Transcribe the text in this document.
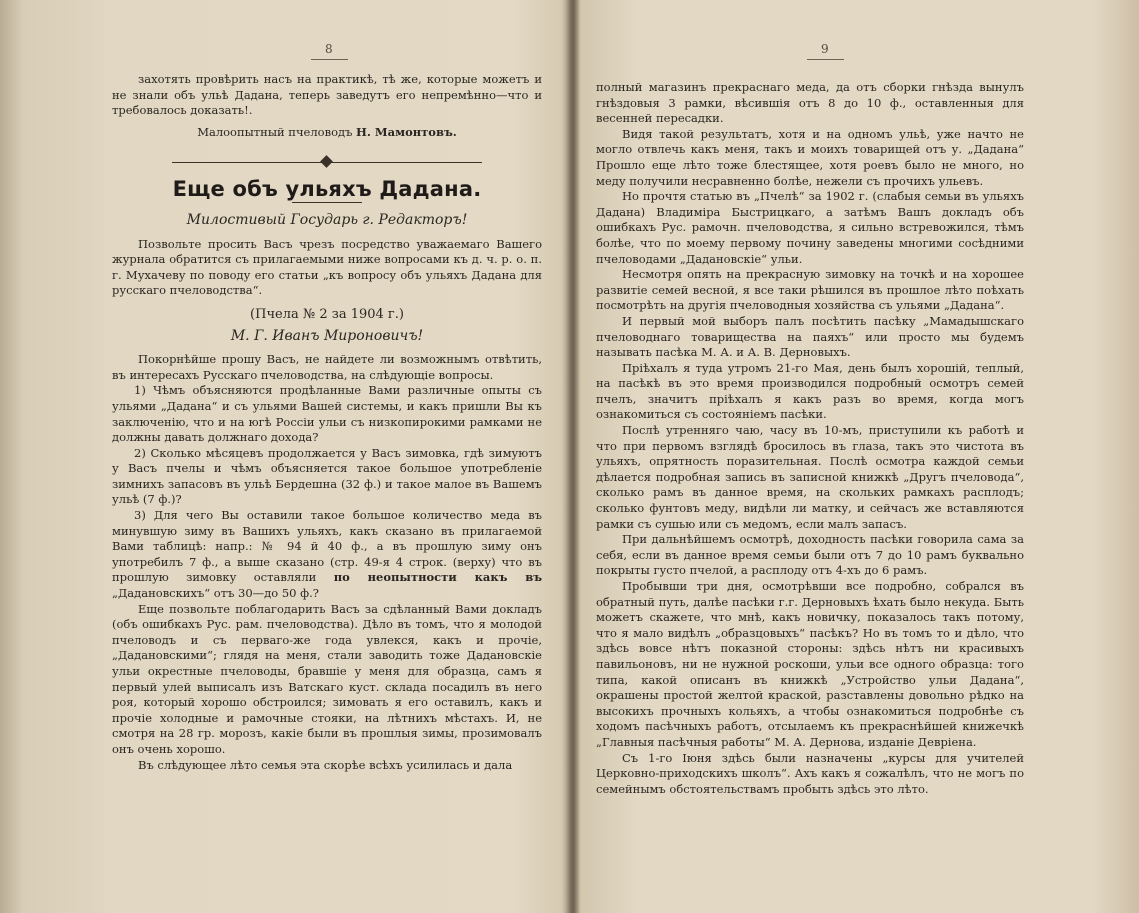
8

захотять провѣрить насъ на практикѣ, тѣ же, которые можетъ и не знали объ ульѣ Дадана, теперь заведутъ его непремѣнно—что и требовалось доказать!.

Малоопытный пчеловодъ Н. Мамонтовъ.

Еще объ ульяхъ Дадана.

Милостивый Государь г. Редакторъ!

Позвольте просить Васъ чрезъ посредство уважаемаго Вашего журнала обратится съ прилагаемыми ниже вопросами къ д. ч. р. о. п. г. Мухачеву по поводу его статьи „къ вопросу объ ульяхъ Дадана для русскаго пчеловодства“.

(Пчела № 2 за 1904 г.)

М. Г. Иванъ Мироновичъ!

Покорнѣйше прошу Васъ, не найдете ли возможнымъ отвѣтить, въ интересахъ Русскаго пчеловодства, на слѣдующіе вопросы.

1) Чѣмъ объясняются продѣланные Вами различные опыты съ ульями „Дадана“ и съ ульями Вашей системы, и какъ пришли Вы къ заключенію, что и на югѣ Россіи ульи съ низкопирокими рамками не должны давать должнаго дохода?

2) Сколько мѣсяцевъ продолжается у Васъ зимовка, гдѣ зимуютъ у Васъ пчелы и чѣмъ объясняется такое большое употребленіе зимнихъ запасовъ въ ульѣ Бердешна (32 ф.) и такое малое въ Вашемъ ульѣ (7 ф.)?

3) Для чего Вы оставили такое большое количество меда въ минувшую зиму въ Вашихъ ульяхъ, какъ сказано въ прилагаемой Вами таблицѣ: напр.: № 94 й 40 ф., а въ прошлую зиму онъ употребилъ 7 ф., а выше сказано (стр. 49-я 4 строк. (верху) что въ прошлую зимовку оставляли по неопытности какъ въ „Дадановскихъ“ отъ 30—до 50 ф.?

Еще позвольте поблагодарить Васъ за сдѣланный Вами докладъ (объ ошибкахъ Рус. рам. пчеловодства). Дѣло въ томъ, что я молодой пчеловодъ и съ перваго-же года увлекся, какъ и прочіе, „Дадановскими“; глядя на меня, стали заводить тоже Дадановскіе ульи окрестные пчеловоды, бравшіе у меня для образца, самъ я первый улей выписалъ изъ Ватскаго куст. склада посадилъ въ него роя, который хорошо обстроился; зимовать я его оставилъ, какъ и прочіе холодные и рамочные стояки, на лѣтнихъ мѣстахъ. И, не смотря на 28 гр. морозъ, какіе были въ прошлыя зимы, прозимовалъ онъ очень хорошо.

Въ слѣдующее лѣто семья эта скорѣе всѣхъ усилилась и дала

9

полный магазинъ прекраснаго меда, да отъ сборки гнѣзда вынулъ гнѣздовыя 3 рамки, вѣсившія отъ 8 до 10 ф., оставленныя для весенней пересадки.

Видя такой результатъ, хотя и на одномъ ульѣ, уже начто не могло отвлечь какъ меня, такъ и моихъ товарищей отъ у. „Дадана“ Прошло еще лѣто тоже блестящее, хотя роевъ было не много, но меду получили несравненно болѣе, нежели съ прочихъ ульевъ.

Но прочтя статью въ „Пчелѣ“ за 1902 г. (слабыя семьи въ ульяхъ Дадана) Владиміра Быстрицкаго, а затѣмъ Вашъ докладъ объ ошибкахъ Рус. рамочн. пчеловодства, я сильно встревожился, тѣмъ болѣе, что по моему первому почину заведены многими сосѣдними пчеловодами „Дадановскіе“ ульи.

Несмотря опять на прекрасную зимовку на точкѣ и на хорошее развитіе семей весной, я все таки рѣшился въ прошлое лѣто поѣхать посмотрѣть на другія пчеловодныя хозяйства съ ульями „Дадана“.

И первый мой выборъ палъ посѣтить пасѣку „Мамадышскаго пчеловоднаго товарищества на паяхъ“ или просто мы будемъ называть пасѣка М. А. и А. В. Дерновыхъ.

Пріѣхалъ я туда утромъ 21-го Мая, день былъ хорошій, теплый, на пасѣкѣ въ это время производился подробный осмотръ семей пчелъ, значитъ пріѣхалъ я какъ разъ во время, когда могъ ознакомиться съ состояніемъ пасѣки.

Послѣ утренняго чаю, часу въ 10-мъ, приступили къ работѣ и что при первомъ взглядѣ бросилось въ глаза, такъ это чистота въ ульяхъ, опрятность поразительная. Послѣ осмотра каждой семьи дѣлается подробная запись въ записной книжкѣ „Другъ пчеловода“, сколько рамъ въ данное время, на скольких рамкахъ расплодъ; сколько фунтовъ меду, видѣли ли матку, и сейчасъ же вставляются рамки съ сушью или съ медомъ, если малъ запасъ.

При дальнѣйшемъ осмотрѣ, доходность пасѣки говорила сама за себя, если въ данное время семьи были отъ 7 до 10 рамъ буквально покрыты густо пчелой, а расплоду отъ 4-хъ до 6 рамъ.

Пробывши три дня, осмотрѣвши все подробно, собрался въ обратный путь, далѣе пасѣки г.г. Дерновыхъ ѣхать было некуда. Быть можетъ скажете, что мнѣ, какъ новичку, показалось такъ потому, что я мало видѣлъ „образцовыхъ“ пасѣкъ? Но въ томъ то и дѣло, что здѣсь вовсе нѣтъ показной стороны: здѣсь нѣтъ ни красивыхъ павильоновъ, ни не нужной роскоши, ульи все одного образца: того типа, какой описанъ въ книжкѣ „Устройство ульи Дадана“, окрашены простой желтой краской, разставлены довольно рѣдко на высокихъ прочныхъ кольяхъ, а чтобы ознакомиться подробнѣе съ ходомъ пасѣчныхъ работъ, отсылаемъ къ прекраснѣйшей книжечкѣ „Главныя пасѣчныя работы“ М. А. Дернова, изданіе Девріена.

Съ 1-го Іюня здѣсь были назначены „курсы для учителей Церковно-приходскихъ школъ“. Ахъ какъ я сожалѣлъ, что не могъ по семейнымъ обстоятельствамъ пробыть здѣсь это лѣто.
